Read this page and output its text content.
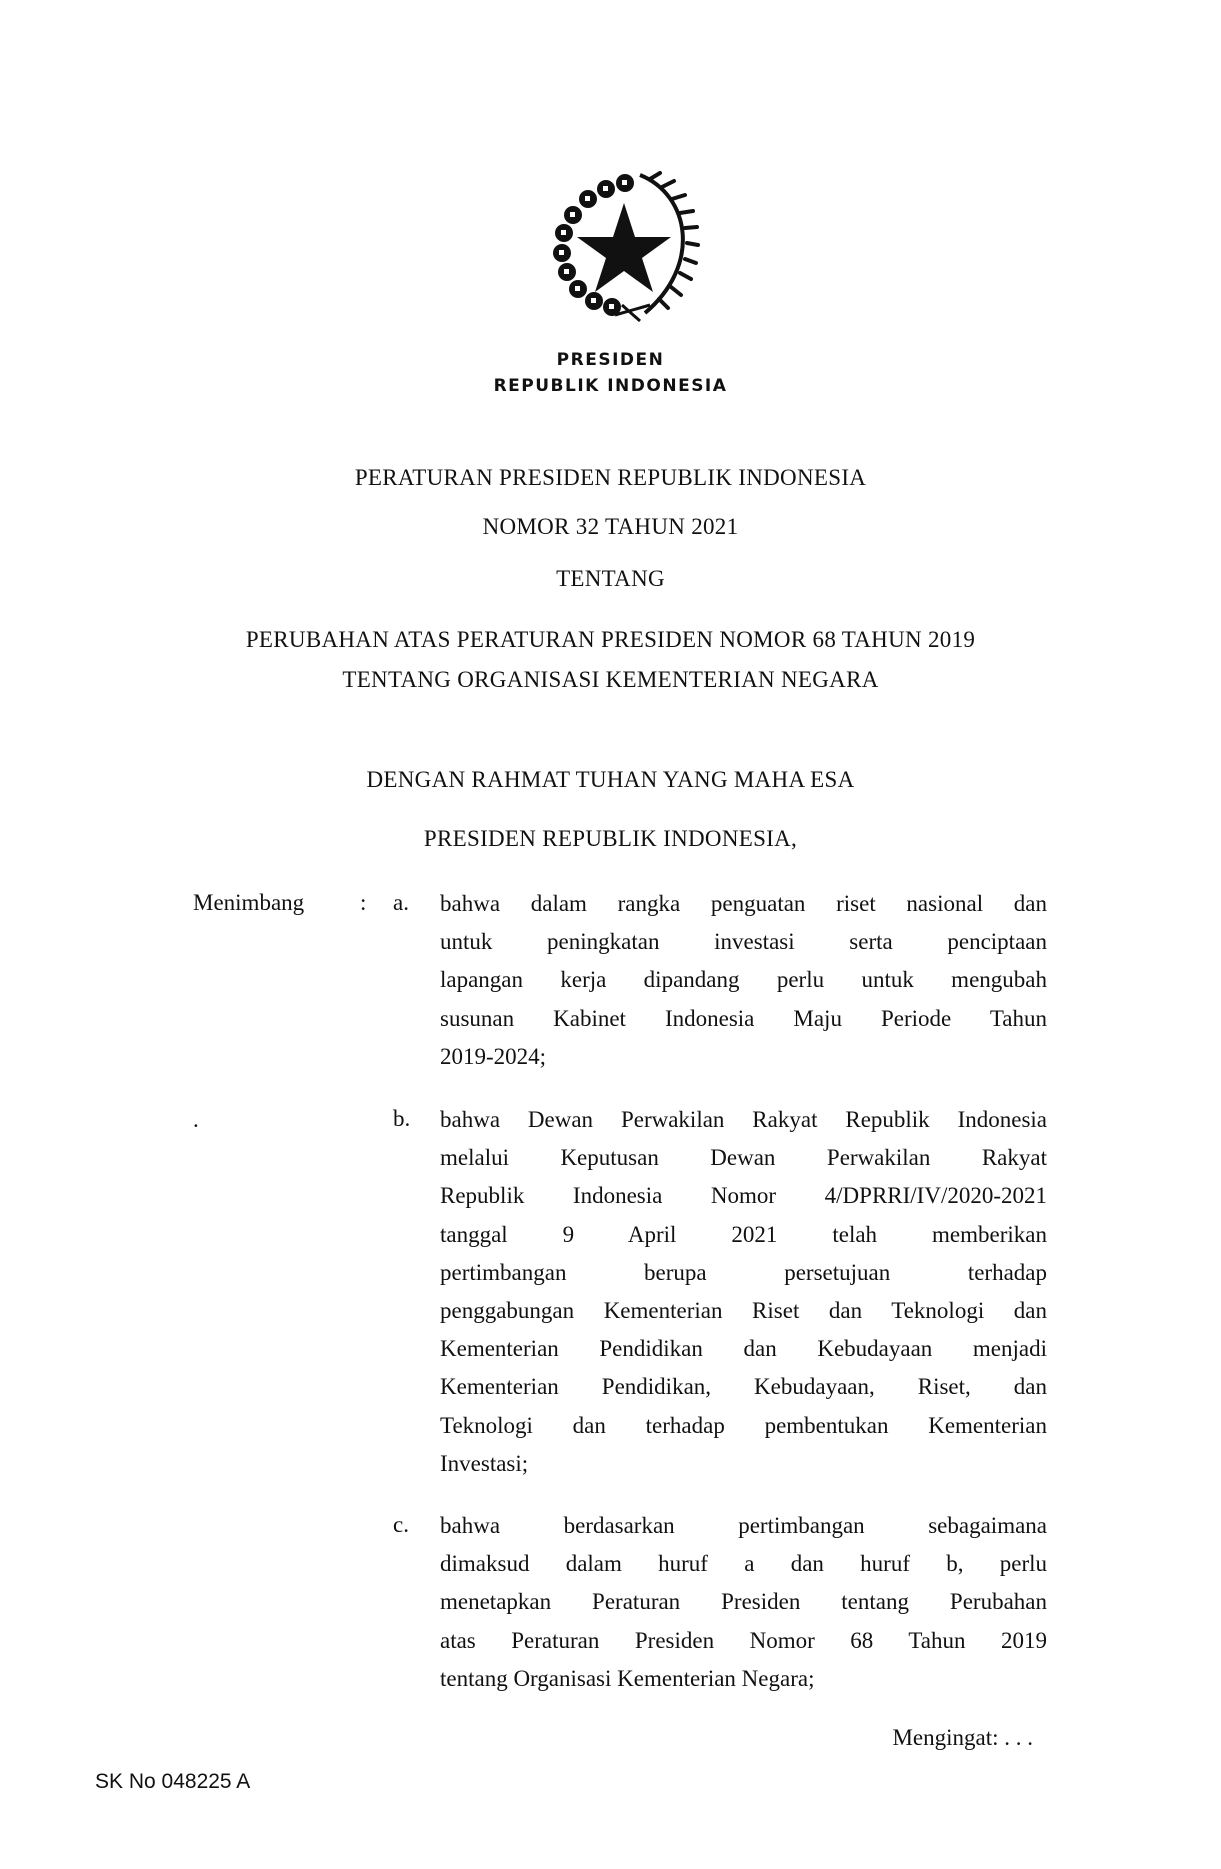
PRESIDEN
REPUBLIK INDONESIA
PERATURAN PRESIDEN REPUBLIK INDONESIA
NOMOR 32 TAHUN 2021
TENTANG
PERUBAHAN ATAS PERATURAN PRESIDEN NOMOR 68 TAHUN 2019
TENTANG ORGANISASI KEMENTERIAN NEGARA
DENGAN RAHMAT TUHAN YANG MAHA ESA
PRESIDEN REPUBLIK INDONESIA,
Menimbang : a. bahwa dalam rangka penguatan riset nasional dan
untuk peningkatan investasi serta penciptaan
lapangan kerja dipandang perlu untuk mengubah
susunan Kabinet Indonesia Maju Periode Tahun
2019-2024;
.	b. bahwa Dewan Perwakilan Rakyat Republik Indonesia
melalui Keputusan Dewan Perwakilan Rakyat
Republik Indonesia Nomor 4/DPRRI/IV/2020-2021
tanggal 9 April 2021 telah memberikan
pertimbangan berupa persetujuan terhadap
penggabungan Kementerian Riset dan Teknologi dan
Kementerian Pendidikan dan Kebudayaan menjadi
Kementerian Pendidikan, Kebudayaan, Riset, dan
Teknologi dan terhadap pembentukan Kementerian
Investasi;
c. bahwa berdasarkan pertimbangan sebagaimana
dimaksud dalam huruf a dan huruf b, perlu
menetapkan Peraturan Presiden tentang Perubahan
atas Peraturan Presiden Nomor 68 Tahun 2019
tentang Organisasi Kementerian Negara;
Mengingat: . . .
SK No 048225 A
